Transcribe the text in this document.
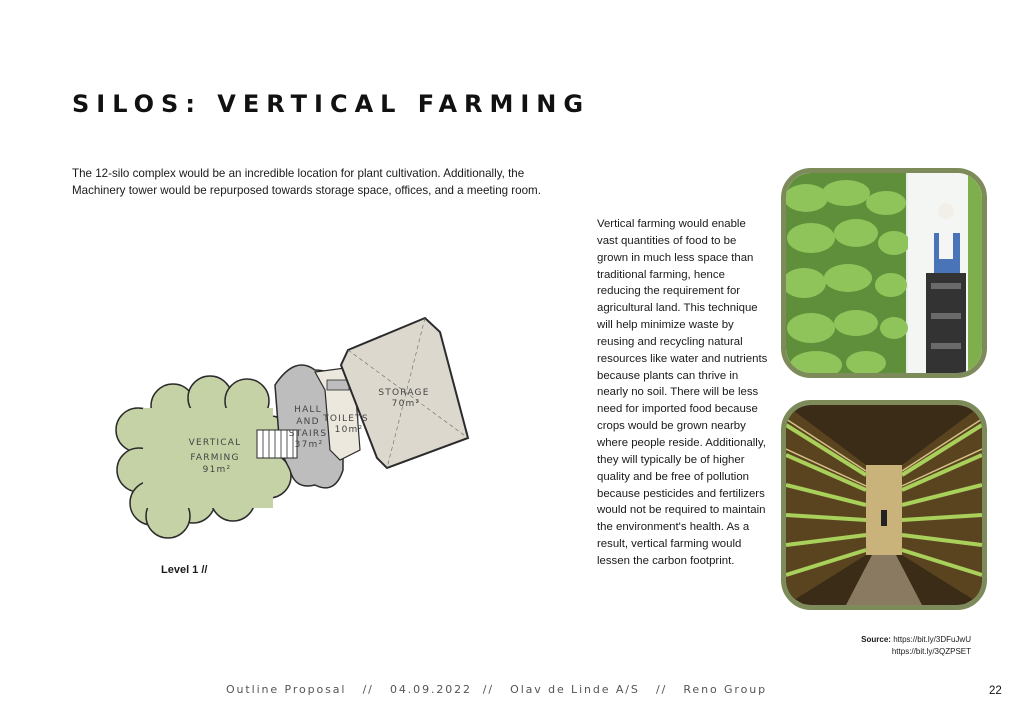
SILOS: VERTICAL FARMING

The 12-silo complex would be an incredible location for plant cultivation. Additionally, the Machinery tower would be repurposed towards storage space, offices, and a meeting room.

VERTICAL
FARMING
91m²
HALL
AND
STAIRS
37m²
TOILETS
10m²
STORAGE
70m²

Level 1 //

Vertical farming would enable vast quantities of food to be grown in much less space than traditional farming, hence reducing the requirement for agricultural land. This technique will help minimize waste by reusing and recycling natural resources like water and nutrients because plants can thrive in nearly no soil. There will be less need for imported food because crops would be grown nearby where people reside. Additionally, they will typically be of higher quality and be free of pollution because pesticides and fertilizers would not be required to maintain the environment's health. As a result, vertical farming would lessen the carbon footprint.

Source: https://bit.ly/3DFuJwU
https://bit.ly/3QZPSET
Outline Proposal   //   04.09.2022  //   Olav de Linde A/S   //   Reno Group	22
